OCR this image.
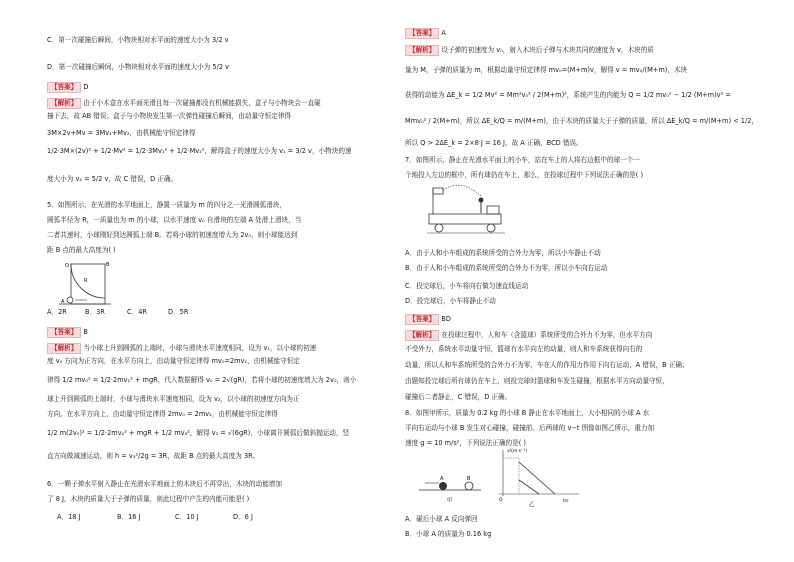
C．第一次碰撞后瞬间，小物块相对水平面的速度大小为 3/2 v
D．第一次碰撞后瞬间，小物块相对水平面的速度大小为 5/2 v
【答案】 D
【解析】 由于小木盒在水平面光滑且每一次碰撞都没有机械能损失，盒子与小物块会一直碰
撞下去，故 AB 错误；盒子与小物块发生第一次弹性碰撞后瞬间，由动量守恒定律得
3M×2v+Mv = 3Mv₁+Mv₂，由机械能守恒定律得
1/2·3M×(2v)² + 1/2·Mv² = 1/2·3Mv₁² + 1/2·Mv₂²，解得盒子的速度大小为 v₁ = 3/2 v，小物块的速
度大小为 v₂ = 5/2 v，故 C 错误，D 正确。
5．如图所示，在光滑的水平地面上，静置一质量为 m 的四分之一光滑圆弧滑块，
圆弧半径为 R，一质量也为 m 的小球，以水平速度 v₀ 自滑块的左端 A 处滑上滑块，当
二者共速时，小球刚好到达圆弧上端 B。若将小球的初速度增大为 2v₀，则小球能达到
距 B 点的最大高度为( )
O
R
B
A
A．2R	B．3R	C．4R	D．5R
【答案】 B
【解析】 当小球上升到圆弧的上端时，小球与滑块水平速度相同，设为 v₁，以小球的初速
度 v₀ 方向为正方向，在水平方向上，由动量守恒定律得 mv₀=2mv₁，由机械能守恒定
律得 1/2 mv₀² = 1/2·2mv₁² + mgR，代入数据解得 v₀ = 2√(gR)，若将小球的初速度增大为 2v₀，则小
球上升到圆弧的上端时，小球与滑块水平速度相同，设为 v₂，以小球的初速度方向为正
方向，在水平方向上，由动量守恒定律得 2mv₀ = 2mv₂，由机械能守恒定律得
1/2 m(2v₀)² = 1/2·2mv₂² + mgR + 1/2 mv₃²，解得 v₃ = √(6gR)，小球离开圆弧后做斜抛运动，竖
直方向做减速运动，则 h = v₃²/2g = 3R，故距 B 点的最大高度为 3R。
6．一颗子弹水平射入静止在光滑水平地面上的木块后不再穿出，木块的动能增加
了 8 J，木块的质量大于子弹的质量，则此过程中产生的内能可能是( )
A．18 J	B．16 J	C．10 J	D．6 J
【答案】 A
【解析】 设子弹的初速度为 v₀，射入木块后子弹与木块共同的速度为 v，木块的质
量为 M，子弹的质量为 m，根据动量守恒定律得 mv₀=(M+m)v，解得 v = mv₀/(M+m)，木块
获得的动能为 ΔE_k = 1/2 Mv² = Mm²v₀² / 2(M+m)²，系统产生的内能为 Q = 1/2 mv₀² − 1/2 (M+m)v² =
Mmv₀² / 2(M+m)，所以 ΔE_k/Q = m/(M+m)，由于木块的质量大于子弹的质量，所以 ΔE_k/Q = m/(M+m) < 1/2，
所以 Q > 2ΔE_k = 2×8 J = 16 J，故 A 正确，BCD 错误。
7．如图所示，静止在光滑水平面上的小车，站在车上的人将右边框中的球一个一
个地投入左边的框中，所有球仍在车上，那么，在投球过程中下列说法正确的是( )
A．由于人和小车组成的系统所受的合外力为零，所以小车静止不动
B．由于人和小车组成的系统所受的合外力不为零，所以小车向右运动
C．投完球后，小车将向右做匀速直线运动
D．投完球后，小车将静止不动
【答案】 BD
【解析】 在投球过程中，人和车（含篮球）系统所受的合外力不为零，但水平方向
不受外力，系统水平动量守恒，篮球有水平向左的动量，则人和车系统获得向右的
动量，所以人和车系统所受的合外力不为零，车在人的作用力作用下向右运动，A 错误，B 正确；
由题知投完球后所有球仍在车上，则投完球时篮球和车发生碰撞，根据水平方向动量守恒，
碰撞后二者静止，C 错误，D 正确。
8．如图甲所示，质量为 0.2 kg 的小球 B 静止在水平地面上，大小相同的小球 A 水
平向右运动与小球 B 发生对心碰撞，碰撞前、后两球的 v−t 图像如图乙所示，重力加
速度 g = 10 m/s²，下列说法正确的是( )
A	B
甲
v/(m·s⁻¹)
t/s
O
乙
A．碰后小球 A 反向弹回
B．小球 A 的质量为 0.16 kg
